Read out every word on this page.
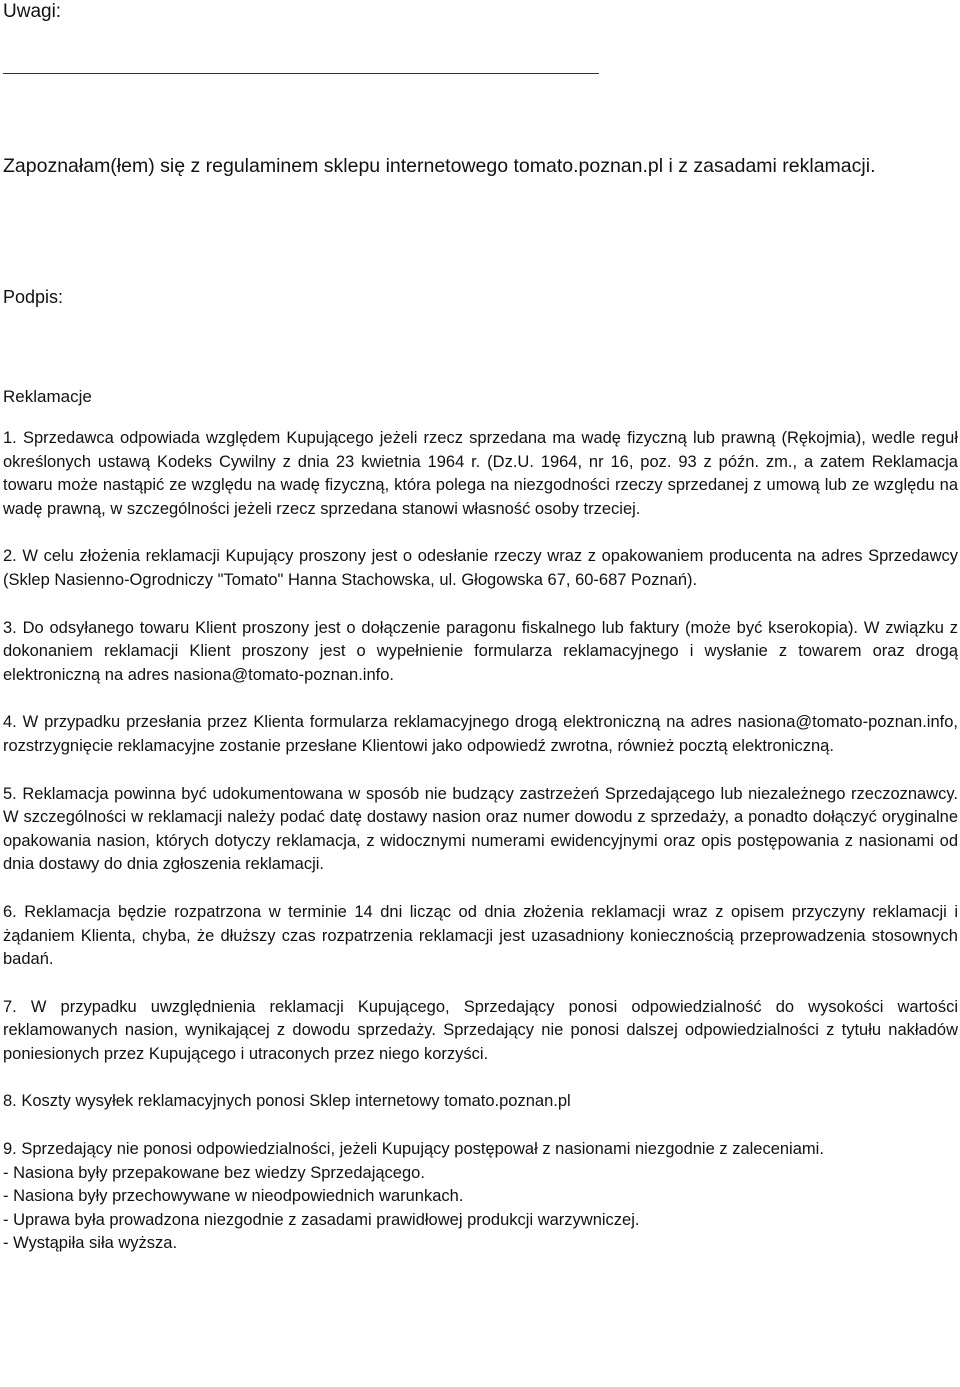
Uwagi:

Zapoznałam(łem) się z regulaminem sklepu internetowego tomato.poznan.pl i z zasadami reklamacji.

Podpis:

Reklamacje

1. Sprzedawca odpowiada względem Kupującego jeżeli rzecz sprzedana ma wadę fizyczną lub prawną (Rękojmia), wedle reguł określonych ustawą Kodeks Cywilny z dnia 23 kwietnia 1964 r. (Dz.U. 1964, nr 16, poz. 93 z późn. zm., a zatem Reklamacja towaru może nastąpić ze względu na wadę fizyczną, która polega na niezgodności rzeczy sprzedanej z umową lub ze względu na wadę prawną, w szczególności jeżeli rzecz sprzedana stanowi własność osoby trzeciej.

2. W celu złożenia reklamacji Kupujący proszony jest o odesłanie rzeczy wraz z opakowaniem producenta na adres Sprzedawcy (Sklep Nasienno-Ogrodniczy "Tomato" Hanna Stachowska, ul. Głogowska 67, 60-687 Poznań).

3. Do odsyłanego towaru Klient proszony jest o dołączenie paragonu fiskalnego lub faktury (może być kserokopia). W związku z dokonaniem reklamacji Klient proszony jest o wypełnienie formularza reklamacyjnego i wysłanie z towarem oraz drogą elektroniczną na adres nasiona@tomato-poznan.info.

4. W przypadku przesłania przez Klienta formularza reklamacyjnego drogą elektroniczną na adres nasiona@tomato-poznan.info, rozstrzygnięcie reklamacyjne zostanie przesłane Klientowi jako odpowiedź zwrotna, również pocztą elektroniczną.

5. Reklamacja powinna być udokumentowana w sposób nie budzący zastrzeżeń Sprzedającego lub niezależnego rzeczoznawcy. W szczególności w reklamacji należy podać datę dostawy nasion oraz numer dowodu z sprzedaży, a ponadto dołączyć oryginalne opakowania nasion, których dotyczy reklamacja, z widocznymi numerami ewidencyjnymi oraz opis postępowania z nasionami od dnia dostawy do dnia zgłoszenia reklamacji.

6. Reklamacja będzie rozpatrzona w terminie 14 dni licząc od dnia złożenia reklamacji wraz z opisem przyczyny reklamacji i żądaniem Klienta, chyba, że dłuższy czas rozpatrzenia reklamacji jest uzasadniony koniecznością przeprowadzenia stosownych badań.

7. W przypadku uwzględnienia reklamacji Kupującego, Sprzedający ponosi odpowiedzialność do wysokości wartości reklamowanych nasion, wynikającej z dowodu sprzedaży. Sprzedający nie ponosi dalszej odpowiedzialności z tytułu nakładów poniesionych przez Kupującego i utraconych przez niego korzyści.

8. Koszty wysyłek reklamacyjnych ponosi Sklep internetowy tomato.poznan.pl

9. Sprzedający nie ponosi odpowiedzialności, jeżeli Kupujący postępował z nasionami niezgodnie z zaleceniami.

- Nasiona były przepakowane bez wiedzy Sprzedającego.
- Nasiona były przechowywane w nieodpowiednich warunkach.
- Uprawa była prowadzona niezgodnie z zasadami prawidłowej produkcji warzywniczej.
- Wystąpiła siła wyższa.
